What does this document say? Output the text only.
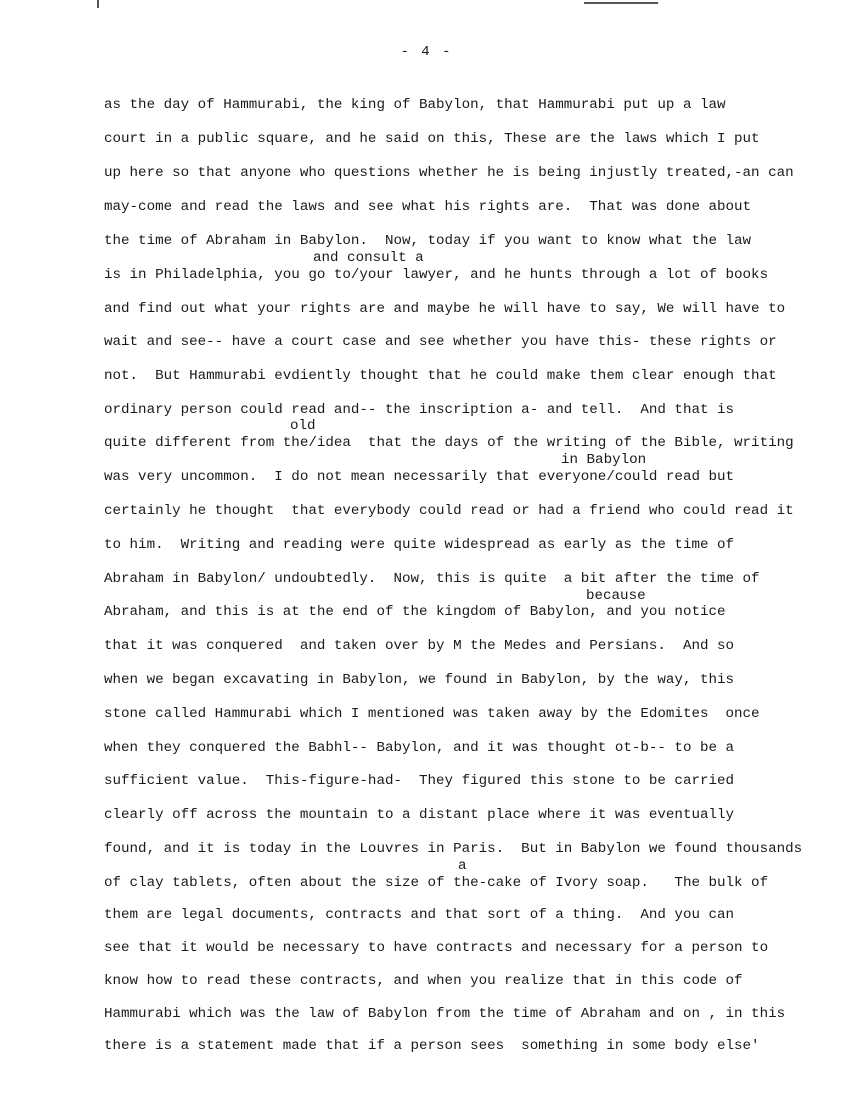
- 4 -
as the day of Hammurabi, the king of Babylon, that Hammurabi put up a law
court in a public square, and he said on this, These are the laws which I put
up here so that anyone who questions whether he is being injustly treated,-an can
may-come and read the laws and see what his rights are.  That was done about
the time of Abraham in Babylon.  Now, today if you want to know what the law
and consult a
is in Philadelphia, you go to/your lawyer, and he hunts through a lot of books
and find out what your rights are and maybe he will have to say, We will have to
wait and see-- have a court case and see whether you have this- these rights or
not.  But Hammurabi evdiently thought that he could make them clear enough that
ordinary person could read and-- the inscription a- and tell.  And that is
old
quite different from the/idea  that the days of the writing of the Bible, writing
in Babylon
was very uncommon.  I do not mean necessarily that everyone/could read but
certainly he thought  that everybody could read or had a friend who could read it
to him.  Writing and reading were quite widespread as early as the time of
Abraham in Babylon/ undoubtedly.  Now, this is quite  a bit after the time of
because
Abraham, and this is at the end of the kingdom of Babylon, and you notice
that it was conquered  and taken over by M the Medes and Persians.  And so
when we began excavating in Babylon, we found in Babylon, by the way, this
stone called Hammurabi which I mentioned was taken away by the Edomites  once
when they conquered the Babhl-- Babylon, and it was thought ot-b-- to be a
sufficient value.  This-figure-had-  They figured this stone to be carried
clearly off across the mountain to a distant place where it was eventually
found, and it is today in the Louvres in Paris.  But in Babylon we found thousands
a
of clay tablets, often about the size of the-cake of Ivory soap.   The bulk of
them are legal documents, contracts and that sort of a thing.  And you can
see that it would be necessary to have contracts and necessary for a person to
know how to read these contracts, and when you realize that in this code of
Hammurabi which was the law of Babylon from the time of Abraham and on , in this
there is a statement made that if a person sees  something in some body else'
